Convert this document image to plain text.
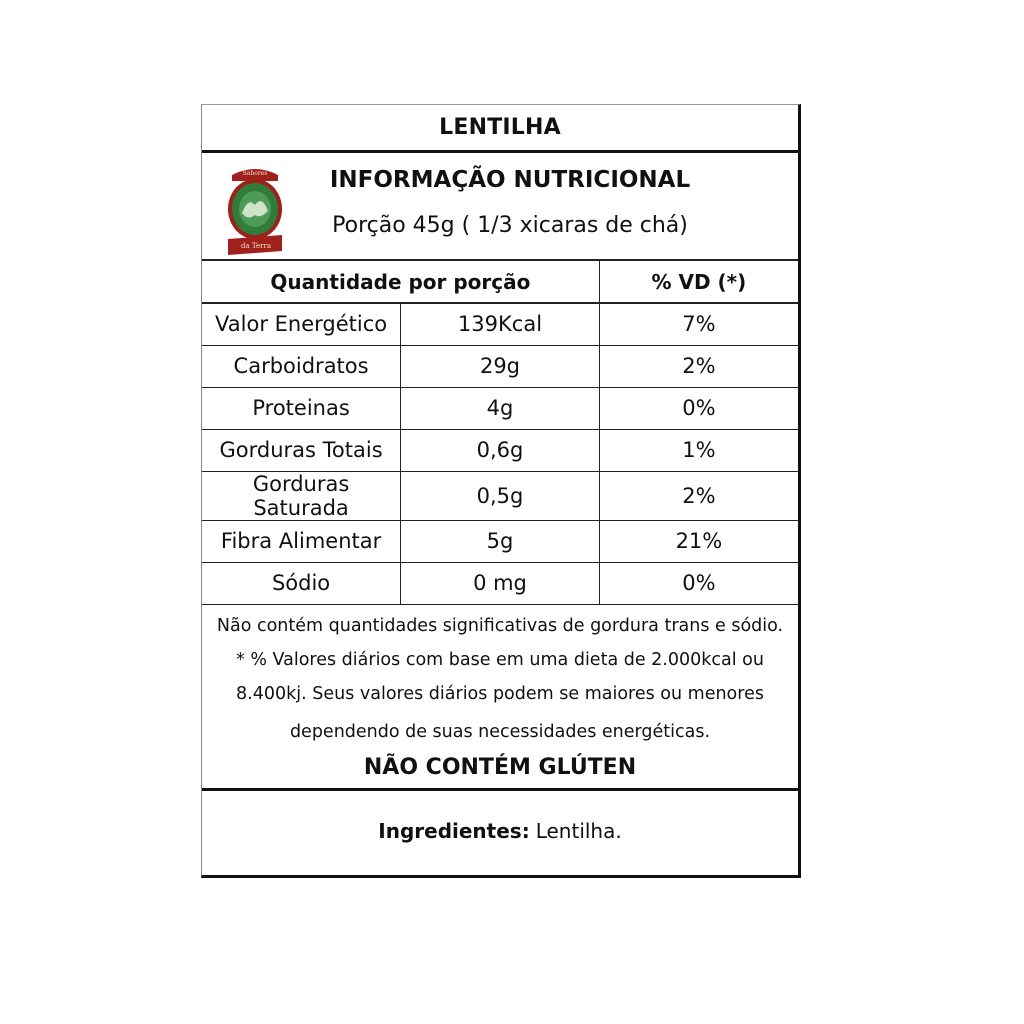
LENTILHA
Sabores
da Terra
INFORMAÇÃO NUTRICIONAL
Porção 45g ( 1/3 xicaras de chá)
Quantidade por porção		% VD (*)
Valor Energético	139Kcal	7%
Carboidratos	29g	2%
Proteinas	4g	0%
Gorduras Totais	0,6g	1%
Gorduras Saturada	0,5g	2%
Fibra Alimentar	5g	21%
Sódio	0 mg	0%
Não contém quantidades significativas de gordura trans e sódio.
* % Valores diários com base em uma dieta de 2.000kcal ou
8.400kj. Seus valores diários podem se maiores ou menores
dependendo de suas necessidades energéticas.
NÃO CONTÉM GLÚTEN
Ingredientes: Lentilha.
